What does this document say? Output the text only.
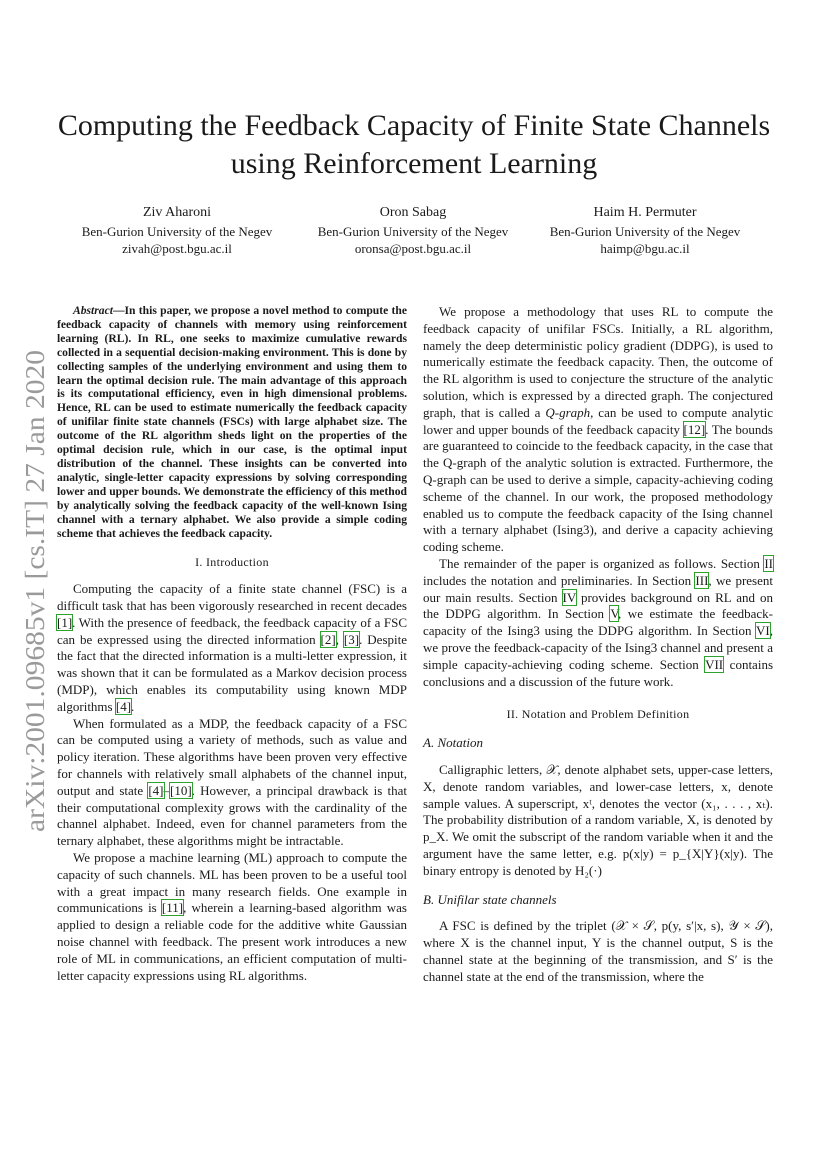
arXiv:2001.09685v1 [cs.IT] 27 Jan 2020
Computing the Feedback Capacity of Finite State Channels using Reinforcement Learning
Ziv Aharoni
Ben-Gurion University of the Negev
zivah@post.bgu.ac.il
Oron Sabag
Ben-Gurion University of the Negev
oronsa@post.bgu.ac.il
Haim H. Permuter
Ben-Gurion University of the Negev
haimp@bgu.ac.il

Abstract—In this paper, we propose a novel method to compute the feedback capacity of channels with memory using reinforcement learning (RL). In RL, one seeks to maximize cumulative rewards collected in a sequential decision-making environment. This is done by collecting samples of the underlying environment and using them to learn the optimal decision rule. The main advantage of this approach is its computational efficiency, even in high dimensional problems. Hence, RL can be used to estimate numerically the feedback capacity of unifilar finite state channels (FSCs) with large alphabet size. The outcome of the RL algorithm sheds light on the properties of the optimal decision rule, which in our case, is the optimal input distribution of the channel. These insights can be converted into analytic, single-letter capacity expressions by solving corresponding lower and upper bounds. We demonstrate the efficiency of this method by analytically solving the feedback capacity of the well-known Ising channel with a ternary alphabet. We also provide a simple coding scheme that achieves the feedback capacity.

I. Introduction

Computing the capacity of a finite state channel (FSC) is a difficult task that has been vigorously researched in recent decades [1]. With the presence of feedback, the feedback capacity of a FSC can be expressed using the directed information [2], [3]. Despite the fact that the directed information is a multi-letter expression, it was shown that it can be formulated as a Markov decision process (MDP), which enables its computability using known MDP algorithms [4].

When formulated as a MDP, the feedback capacity of a FSC can be computed using a variety of methods, such as value and policy iteration. These algorithms have been proven very effective for channels with relatively small alphabets of the channel input, output and state [4]–[10]. However, a principal drawback is that their computational complexity grows with the cardinality of the channel alphabet. Indeed, even for channel parameters from the ternary alphabet, these algorithms might be intractable.

We propose a machine learning (ML) approach to compute the capacity of such channels. ML has been proven to be a useful tool with a great impact in many research fields. One example in communications is [11], wherein a learning-based algorithm was applied to design a reliable code for the additive white Gaussian noise channel with feedback. The present work introduces a new role of ML in communications, an efficient computation of multi-letter capacity expressions using RL algorithms.

We propose a methodology that uses RL to compute the feedback capacity of unifilar FSCs. Initially, a RL algorithm, namely the deep deterministic policy gradient (DDPG), is used to numerically estimate the feedback capacity. Then, the outcome of the RL algorithm is used to conjecture the structure of the analytic solution, which is expressed by a directed graph. The conjectured graph, that is called a Q-graph, can be used to compute analytic lower and upper bounds of the feedback capacity [12]. The bounds are guaranteed to coincide to the feedback capacity, in the case that the Q-graph of the analytic solution is extracted. Furthermore, the Q-graph can be used to derive a simple, capacity-achieving coding scheme of the channel. In our work, the proposed methodology enabled us to compute the feedback capacity of the Ising channel with a ternary alphabet (Ising3), and derive a capacity achieving coding scheme.

The remainder of the paper is organized as follows. Section II includes the notation and preliminaries. In Section III, we present our main results. Section IV provides background on RL and on the DDPG algorithm. In Section V, we estimate the feedback-capacity of the Ising3 using the DDPG algorithm. In Section VI, we prove the feedback-capacity of the Ising3 channel and present a simple capacity-achieving coding scheme. Section VII contains conclusions and a discussion of the future work.

II. Notation and Problem Definition
A. Notation

Calligraphic letters, 𝒳, denote alphabet sets, upper-case letters, X, denote random variables, and lower-case letters, x, denote sample values. A superscript, xᵗ, denotes the vector (x₁, . . . , xₜ). The probability distribution of a random variable, X, is denoted by p_X. We omit the subscript of the random variable when it and the argument have the same letter, e.g. p(x|y) = p_{X|Y}(x|y). The binary entropy is denoted by H₂(·)

B. Unifilar state channels

A FSC is defined by the triplet (𝒳 × 𝒮, p(y, s′|x, s), 𝒴 × 𝒮), where X is the channel input, Y is the channel output, S is the channel state at the beginning of the transmission, and S′ is the channel state at the end of the transmission, where the
